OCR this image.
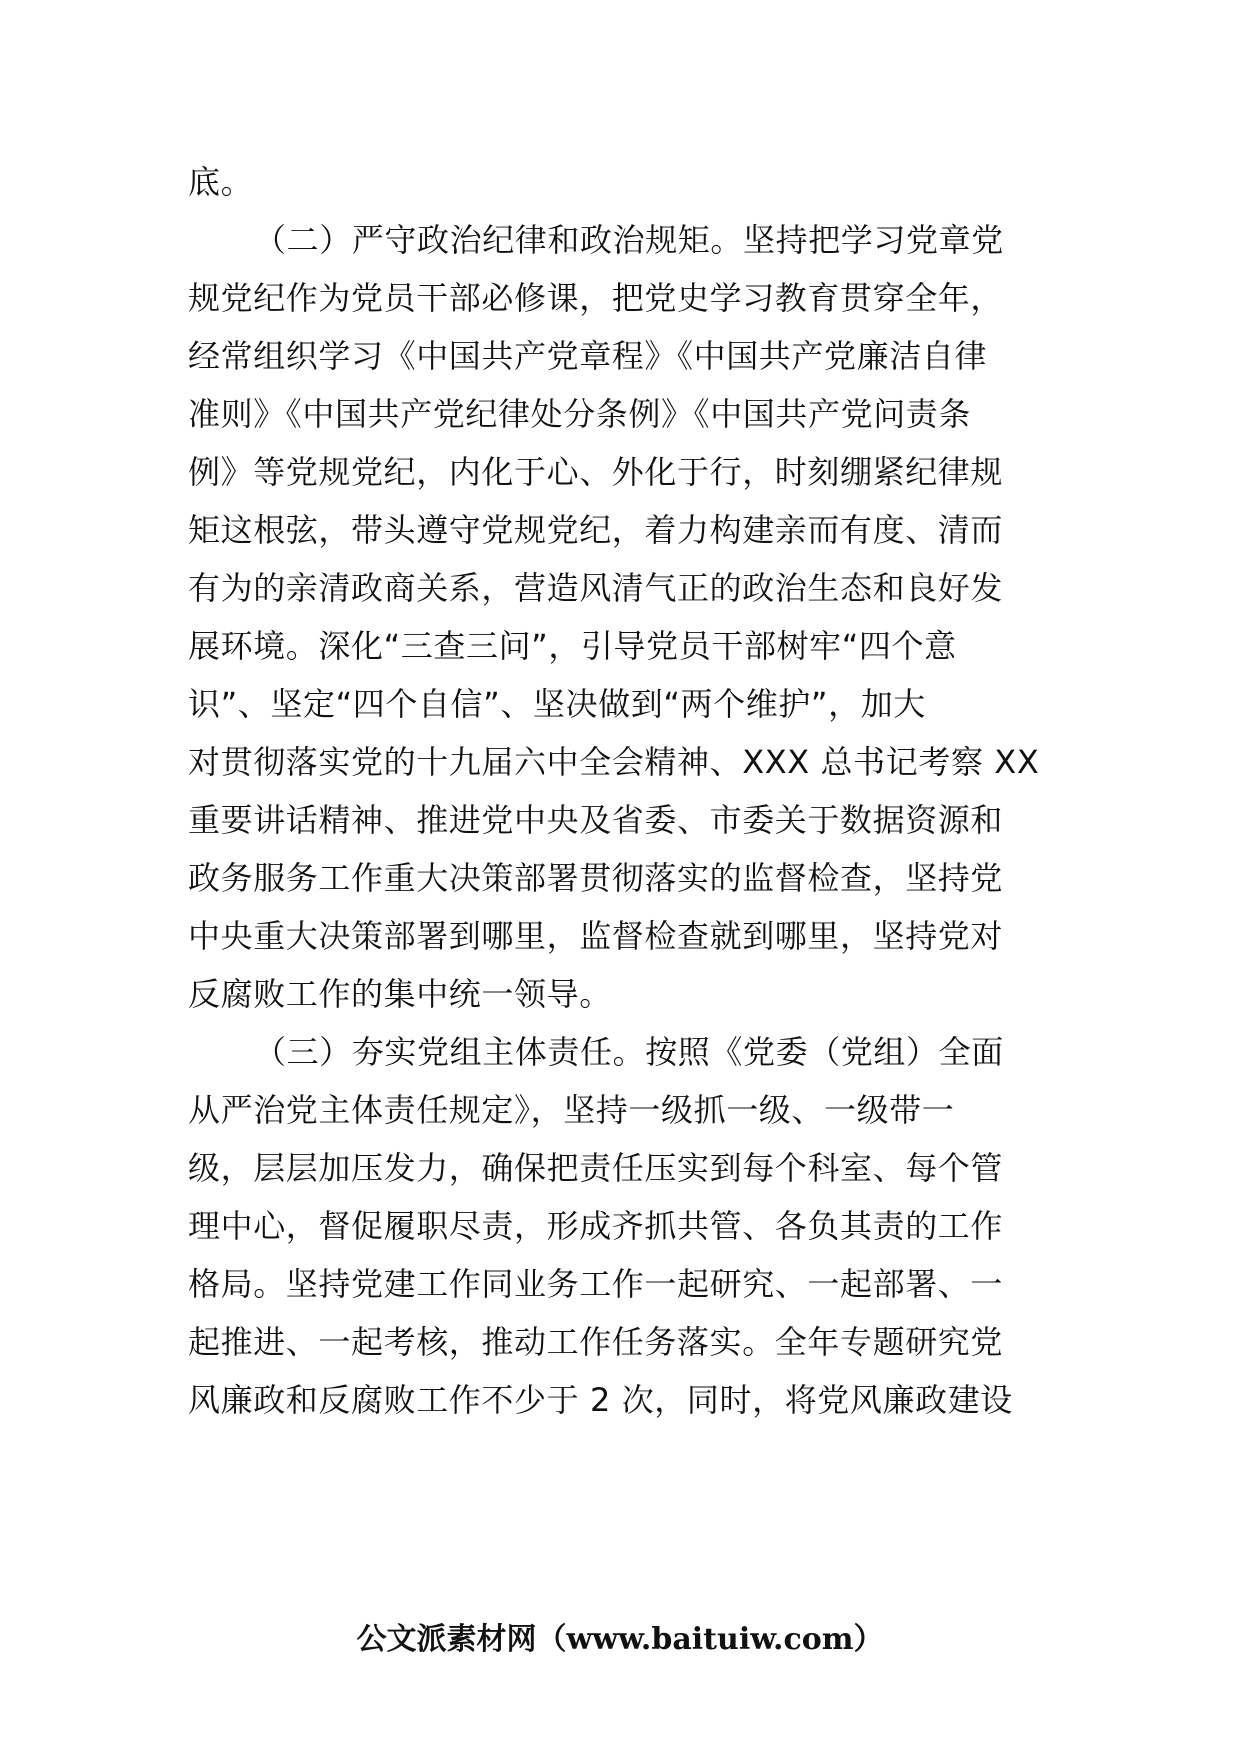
底。
（二）严守政治纪律和政治规矩。坚持把学习党章党
规党纪作为党员干部必修课，把党史学习教育贯穿全年，
经常组织学习《中国共产党章程》《中国共产党廉洁自律
准则》《中国共产党纪律处分条例》《中国共产党问责条
例》等党规党纪，内化于心、外化于行，时刻绷紧纪律规
矩这根弦，带头遵守党规党纪，着力构建亲而有度、清而
有为的亲清政商关系，营造风清气正的政治生态和良好发
展环境。深化“三查三问”，引导党员干部树牢“四个意
识”、坚定“四个自信”、坚决做到“两个维护”，加大
对贯彻落实党的十九届六中全会精神、XXX 总书记考察 XX
重要讲话精神、推进党中央及省委、市委关于数据资源和
政务服务工作重大决策部署贯彻落实的监督检查，坚持党
中央重大决策部署到哪里，监督检查就到哪里，坚持党对
反腐败工作的集中统一领导。
（三）夯实党组主体责任。按照《党委（党组）全面
从严治党主体责任规定》，坚持一级抓一级、一级带一
级，层层加压发力，确保把责任压实到每个科室、每个管
理中心，督促履职尽责，形成齐抓共管、各负其责的工作
格局。坚持党建工作同业务工作一起研究、一起部署、一
起推进、一起考核，推动工作任务落实。全年专题研究党
风廉政和反腐败工作不少于 2 次，同时，将党风廉政建设
公文派素材网（www.baituiw.com）
